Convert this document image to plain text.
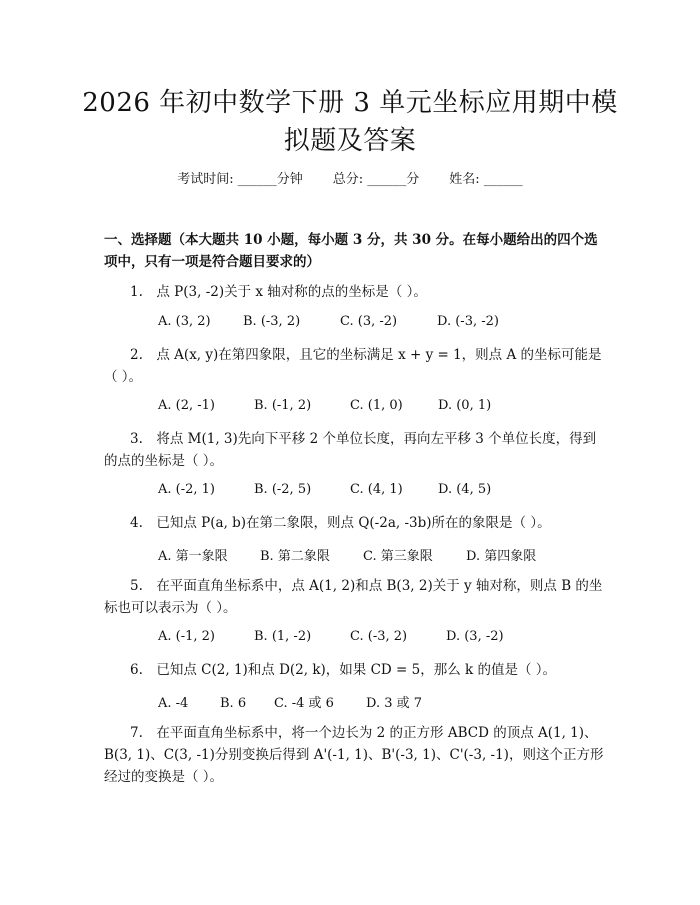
2026 年初中数学下册 3 单元坐标应用期中模
拟题及答案
考试时间: ______分钟 总分: ______分 姓名: ______
一、选择题（本大题共 10 小题，每小题 3 分，共 30 分。在每小题给出的四个选项中，只有一项是符合题目要求的）
1.　点 P(3, -2)关于 x 轴对称的点的坐标是（ ）。
A. (3, 2) B. (-3, 2)	C. (3, -2)	D. (-3, -2)
2.　点 A(x, y)在第四象限，且它的坐标满足 x + y = 1，则点 A 的坐标可能是（ ）。
A. (2, -1)	B. (-1, 2)	C. (1, 0)	D. (0, 1)
3.　将点 M(1, 3)先向下平移 2 个单位长度，再向左平移 3 个单位长度，得到的点的坐标是（ ）。
A. (-2, 1)	B. (-2, 5)	C. (4, 1)	D. (4, 5)
4.　已知点 P(a, b)在第二象限，则点 Q(-2a, -3b)所在的象限是（ ）。
A. 第一象限 B. 第二象限	C. 第三象限	D. 第四象限
5.　在平面直角坐标系中，点 A(1, 2)和点 B(3, 2)关于 y 轴对称，则点 B 的坐标也可以表示为（ ）。
A. (-1, 2)	B. (1, -2)	C. (-3, 2)	D. (3, -2)
6.　已知点 C(2, 1)和点 D(2, k)，如果 CD = 5，那么 k 的值是（ ）。
A. -4 B. 6 C. -4 或 6 D. 3 或 7
7.　在平面直角坐标系中，将一个边长为 2 的正方形 ABCD 的顶点 A(1, 1)、B(3, 1)、C(3, -1)分别变换后得到 A'(-1, 1)、B'(-3, 1)、C'(-3, -1)，则这个正方形经过的变换是（ ）。
